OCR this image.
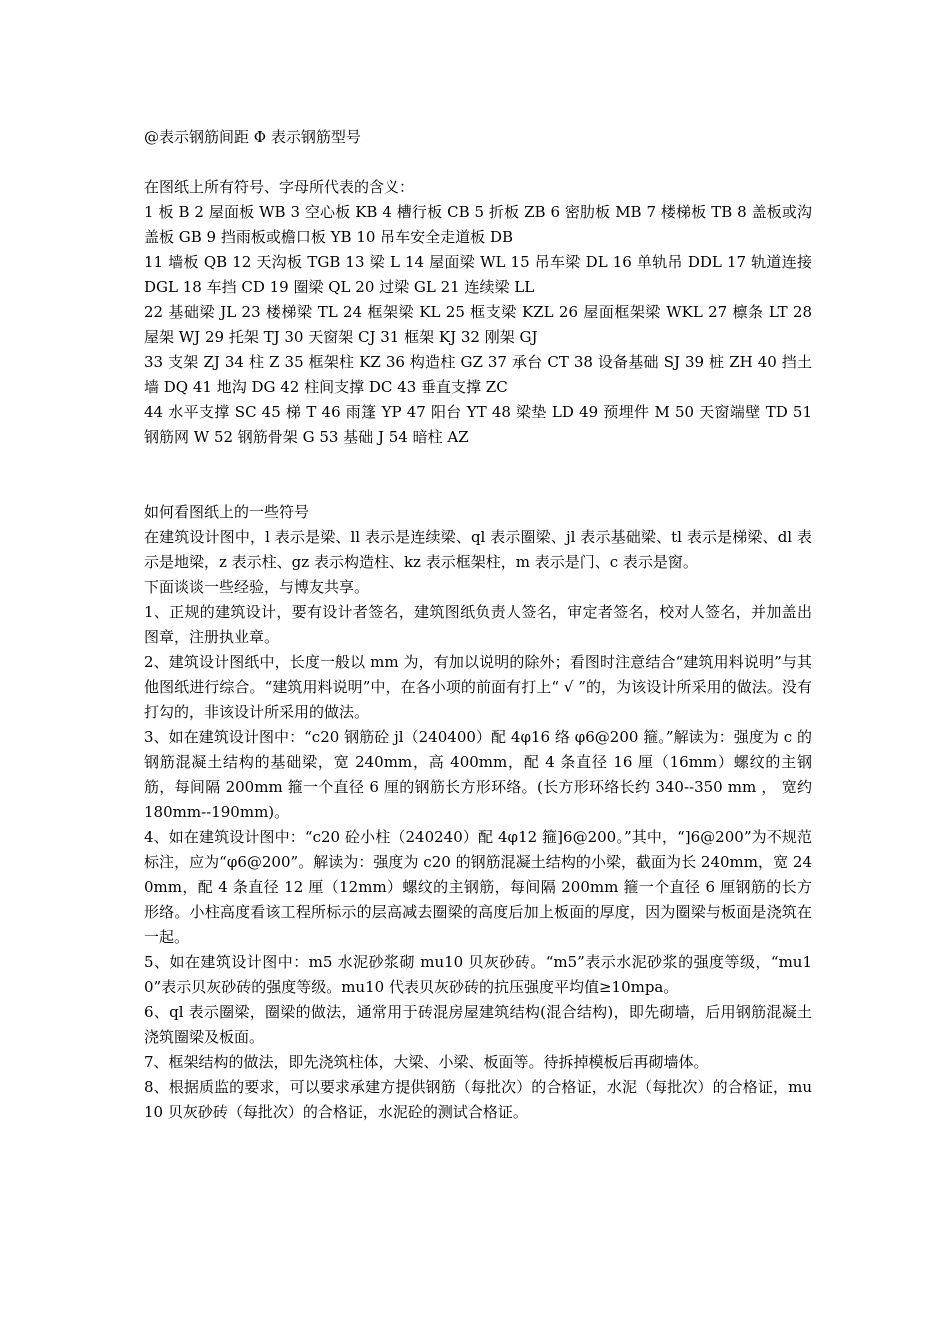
@表示钢筋间距 Φ 表示钢筋型号
在图纸上所有符号、字母所代表的含义：
1 板 B 2 屋面板 WB 3 空心板 KB 4 槽行板 CB 5 折板 ZB 6 密肋板 MB 7 楼梯板 TB 8 盖板或沟盖板 GB 9 挡雨板或檐口板 YB 10 吊车安全走道板 DB
11 墙板 QB 12 天沟板 TGB 13 梁 L 14 屋面梁 WL 15 吊车梁 DL 16 单轨吊 DDL 17 轨道连接 DGL 18 车挡 CD 19 圈梁 QL 20 过梁 GL 21 连续梁 LL
22 基础梁 JL 23 楼梯梁 TL 24 框架梁 KL 25 框支梁 KZL 26 屋面框架梁 WKL 27 檩条 LT 28 屋架 WJ 29 托架 TJ 30 天窗架 CJ 31 框架 KJ 32 刚架 GJ
33 支架 ZJ 34 柱 Z 35 框架柱 KZ 36 构造柱 GZ 37 承台 CT 38 设备基础 SJ 39 桩 ZH 40 挡土墙 DQ 41 地沟 DG 42 柱间支撑 DC 43 垂直支撑 ZC
44 水平支撑 SC 45 梯 T 46 雨篷 YP 47 阳台 YT 48 梁垫 LD 49 预埋件 M 50 天窗端壁 TD 51 钢筋网 W 52 钢筋骨架 G 53 基础 J 54 暗柱 AZ
如何看图纸上的一些符号
在建筑设计图中，l 表示是梁、ll 表示是连续梁、ql 表示圈梁、jl 表示基础梁、tl 表示是梯梁、dl 表示是地梁，z 表示柱、gz 表示构造柱、kz 表示框架柱，m 表示是门、c 表示是窗。
下面谈谈一些经验，与博友共享。
1、正规的建筑设计，要有设计者签名，建筑图纸负责人签名，审定者签名，校对人签名，并加盖出图章，注册执业章。
2、建筑设计图纸中，长度一般以 mm 为，有加以说明的除外；看图时注意结合“建筑用料说明”与其他图纸进行综合。“建筑用料说明”中，在各小项的前面有打上“ √ ”的，为该设计所采用的做法。没有打勾的，非该设计所采用的做法。
3、如在建筑设计图中：“c20 钢筋砼 jl（240400）配 4φ16 络 φ6@200 箍。”解读为：强度为 c 的钢筋混凝土结构的基础梁，宽 240mm，高 400mm，配 4 条直径 16 厘（16mm）螺纹的主钢筋，每间隔 200mm 箍一个直径 6 厘的钢筋长方形环络。(长方形环络长约 340--350 mm ， 宽约 180mm--190mm)。
4、如在建筑设计图中：“c20 砼小柱（240240）配 4φ12 箍]6@200。”其中，“]6@200”为不规范标注，应为“φ6@200”。解读为：强度为 c20 的钢筋混凝土结构的小梁，截面为长 240mm，宽 240mm，配 4 条直径 12 厘（12mm）螺纹的主钢筋，每间隔 200mm 箍一个直径 6 厘钢筋的长方形络。小柱高度看该工程所标示的层高减去圈梁的高度后加上板面的厚度，因为圈梁与板面是浇筑在一起。
5、如在建筑设计图中：m5 水泥砂浆砌 mu10 贝灰砂砖。“m5”表示水泥砂浆的强度等级，“mu10”表示贝灰砂砖的强度等级。mu10 代表贝灰砂砖的抗压强度平均值≥10mpa。
6、ql 表示圈梁，圈梁的做法，通常用于砖混房屋建筑结构(混合结构)，即先砌墙，后用钢筋混凝土浇筑圈梁及板面。
7、框架结构的做法，即先浇筑柱体，大梁、小梁、板面等。待拆掉模板后再砌墙体。
8、根据质监的要求，可以要求承建方提供钢筋（每批次）的合格证，水泥（每批次）的合格证，mu10 贝灰砂砖（每批次）的合格证，水泥砼的测试合格证。
